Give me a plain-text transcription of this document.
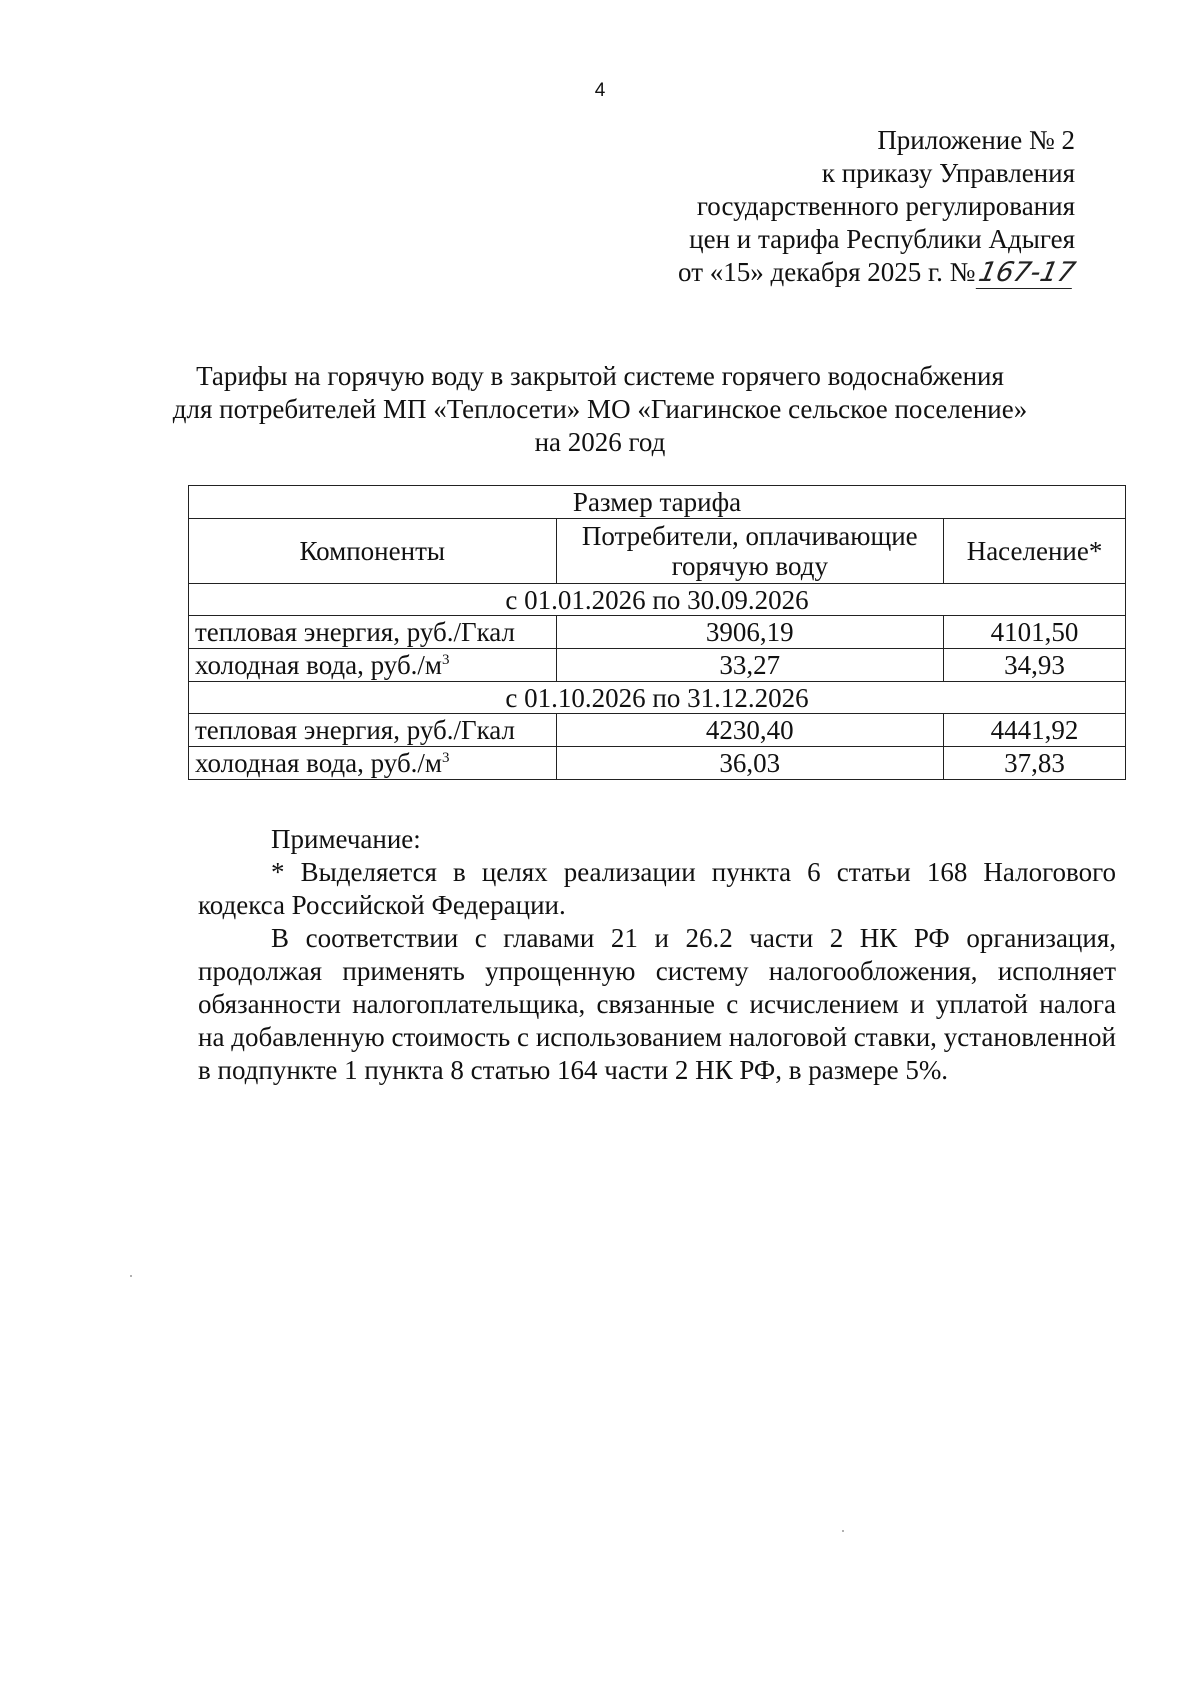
4
Приложение № 2
к приказу Управления
государственного регулирования
цен и тарифа Республики Адыгея
от «15» декабря 2025 г. №167-17
Тарифы на горячую воду в закрытой системе горячего водоснабжения
для потребителей МП «Теплосети» МО «Гиагинское сельское поселение»
на 2026 год
Размер тарифа		
Компоненты	Потребители, оплачивающие горячую воду	Население*
с 01.01.2026 по 30.09.2026		
тепловая энергия, руб./Гкал	3906,19	4101,50
холодная вода, $руб./м^3$	33,27	34,93
с 01.10.2026 по 31.12.2026		
тепловая энергия, руб./Гкал	4230,40	4441,92
холодная вода, $руб./м^3$	36,03	37,83

Примечание:

* Выделяется в целях реализации пункта 6 статьи 168 Налогового кодекса Российской Федерации.

В соответствии с главами 21 и 26.2 части 2 НК РФ организация, продолжая применять упрощенную систему налогообложения, исполняет обязанности налогоплательщика, связанные с исчислением и уплатой налога на добавленную стоимость с использованием налоговой ставки, установленной в подпункте 1 пункта 8 статью 164 части 2 НК РФ, в размере 5%.
